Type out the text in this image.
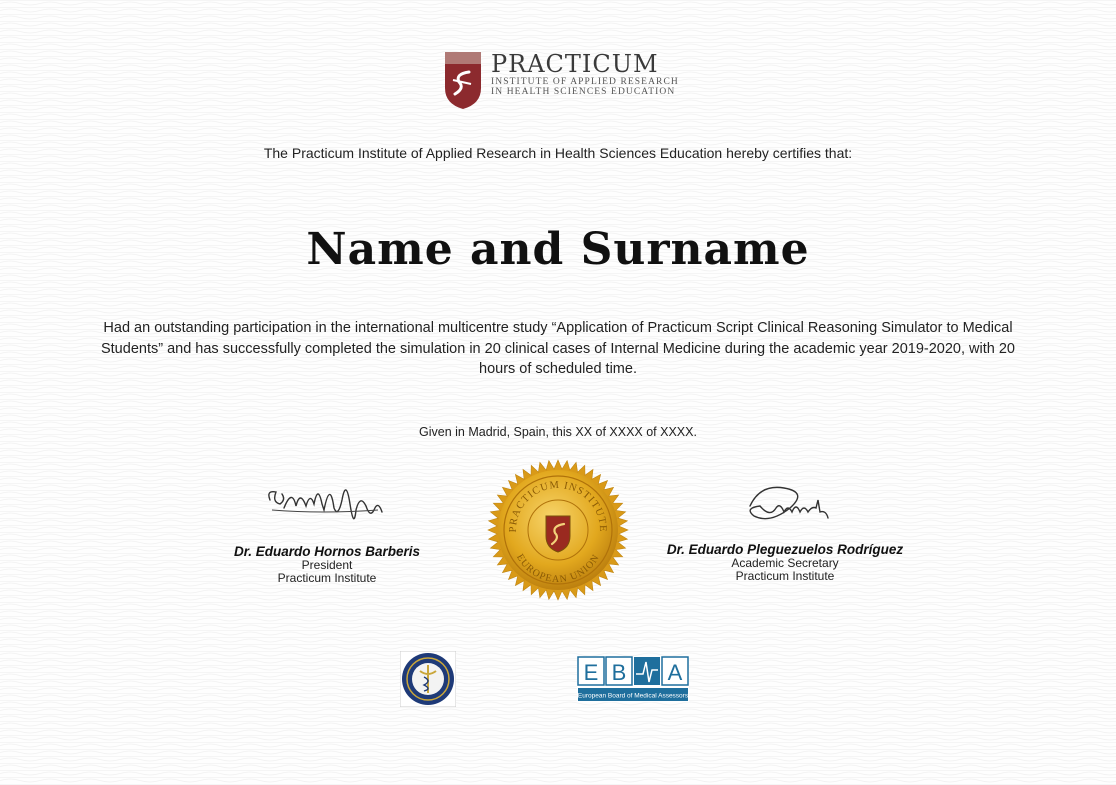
PRACTICUM
INSTITUTE OF APPLIED RESEARCH
IN HEALTH SCIENCES EDUCATION
The Practicum Institute of Applied Research in Health Sciences Education hereby certifies that:
Name and Surname
Had an outstanding participation in the international multicentre study “Application of Practicum Script Clinical Reasoning Simulator to Medical Students” and has successfully completed the simulation in 20 clinical cases of Internal Medicine during the academic year 2019-2020, with 20 hours of scheduled time.
Given in Madrid, Spain, this XX of XXXX of XXXX.
Dr. Eduardo Hornos Barberis
President
Practicum Institute
PRACTICUM INSTITUTE
EUROPEAN UNION
Dr. Eduardo Pleguezuelos Rodríguez
Academic Secretary
Practicum Institute
E B A
European Board of Medical Assessors
